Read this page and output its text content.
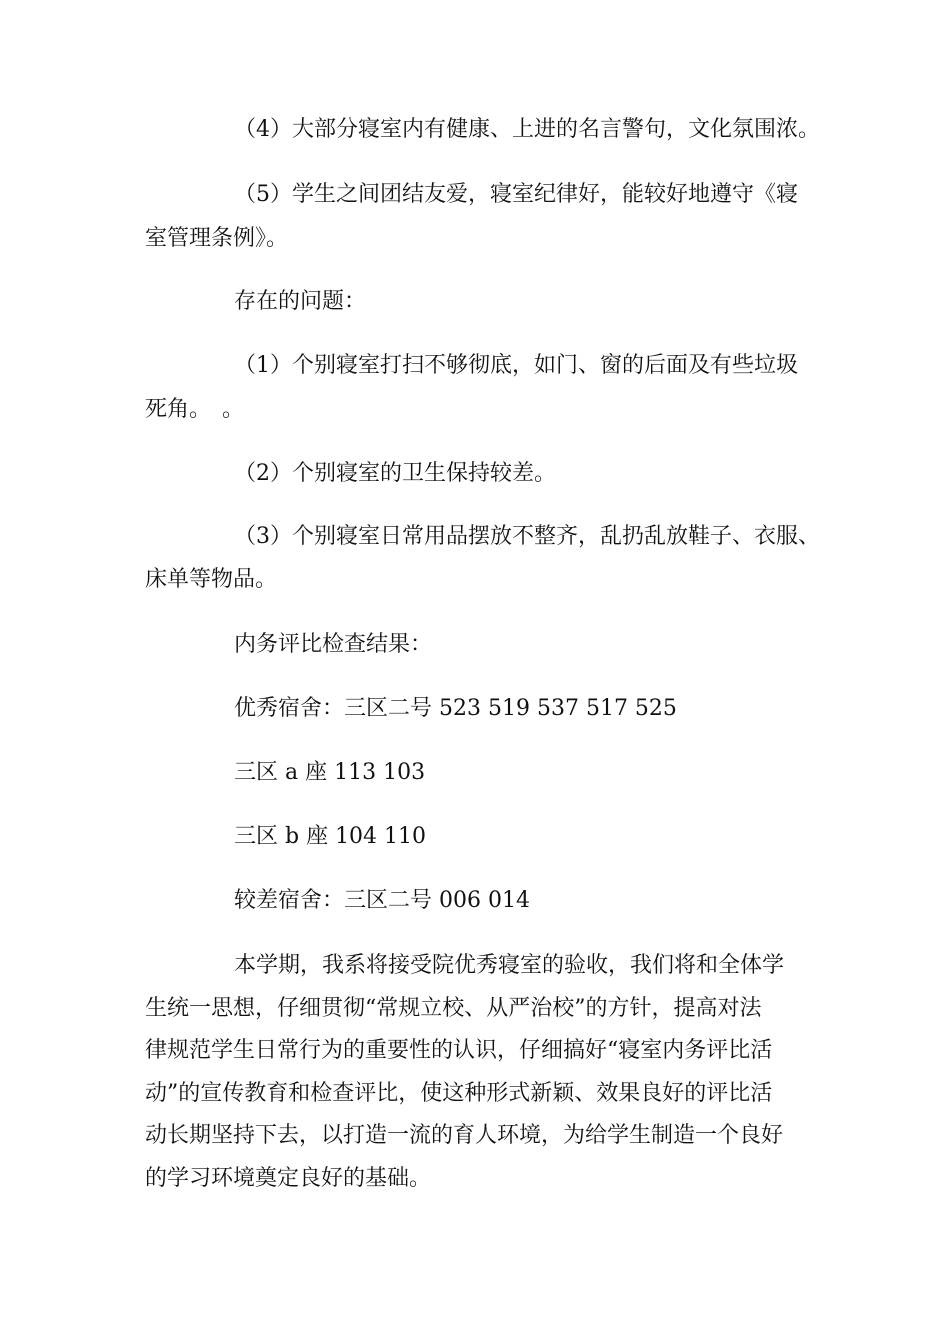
（4）大部分寝室内有健康、上进的名言警句，文化氛围浓。
（5）学生之间团结友爱，寝室纪律好，能较好地遵守《寝
室管理条例》。
存在的问题：
（1）个别寝室打扫不够彻底，如门、窗的后面及有些垃圾
死角。　。
（2）个别寝室的卫生保持较差。
（3）个别寝室日常用品摆放不整齐，乱扔乱放鞋子、衣服、
床单等物品。
内务评比检查结果：
优秀宿舍：三区二号 523 519 537 517 525
三区 a 座 113 103
三区 b 座 104 110
较差宿舍：三区二号 006 014
本学期，我系将接受院优秀寝室的验收，我们将和全体学
生统一思想，仔细贯彻“常规立校、从严治校”的方针，提高对法
律规范学生日常行为的重要性的认识，仔细搞好“寝室内务评比活
动”的宣传教育和检查评比，使这种形式新颖、效果良好的评比活
动长期坚持下去，以打造一流的育人环境，为给学生制造一个良好
的学习环境奠定良好的基础。
